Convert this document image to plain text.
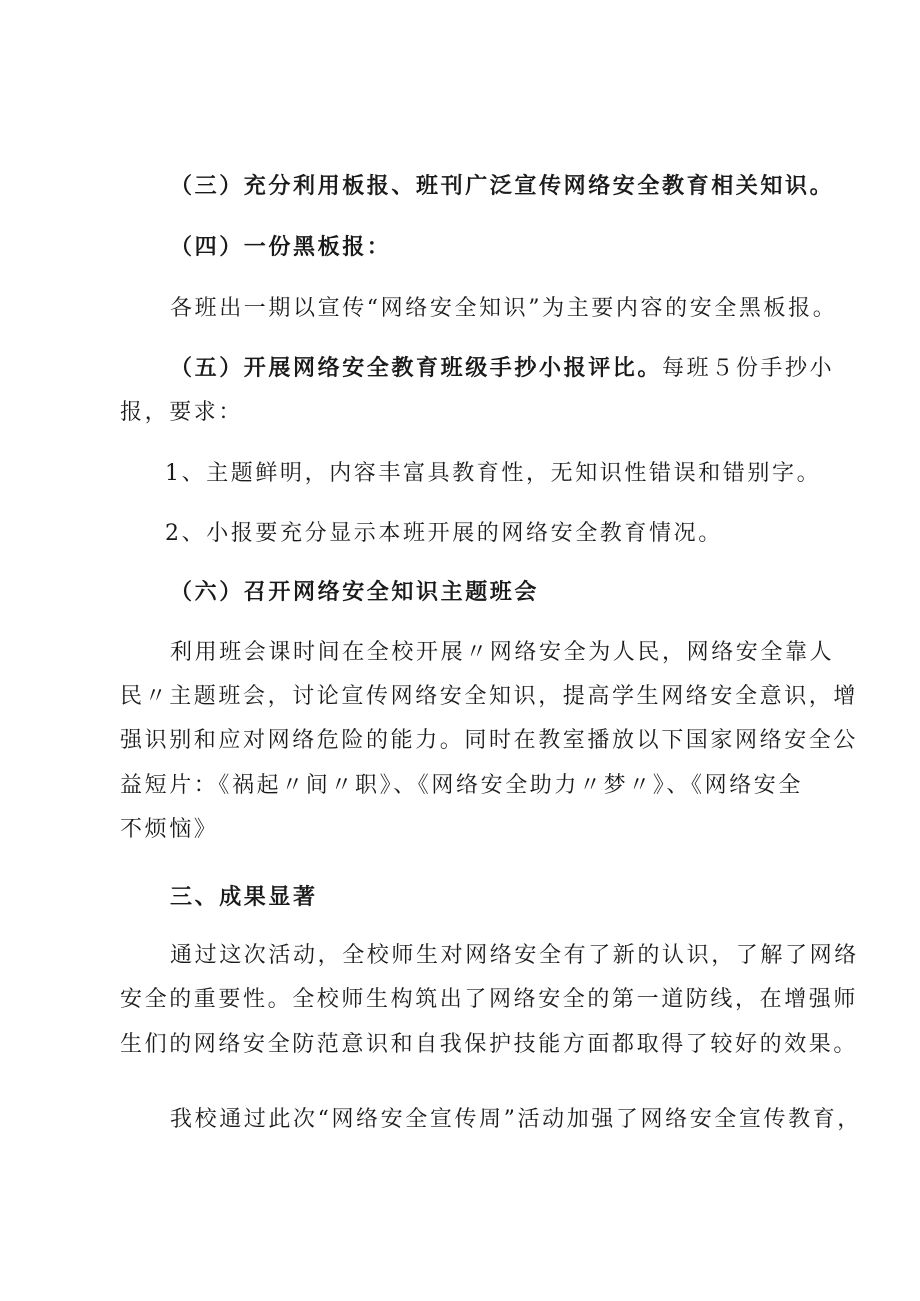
（三）充分利用板报、班刊广泛宣传网络安全教育相关知识。
（四）一份黑板报：
各班出一期以宣传“网络安全知识”为主要内容的安全黑板报。
（五）开展网络安全教育班级手抄小报评比。每班５份手抄小
报，要求：
1、主题鲜明，内容丰富具教育性，无知识性错误和错别字。
2、小报要充分显示本班开展的网络安全教育情况。
（六）召开网络安全知识主题班会
利用班会课时间在全校开展〃网络安全为人民，网络安全靠人
民〃主题班会，讨论宣传网络安全知识，提高学生网络安全意识，增
强识别和应对网络危险的能力。同时在教室播放以下国家网络安全公
益短片：《祸起〃间〃职》、《网络安全助力〃梦〃》、《网络安全
不烦恼》
三、成果显著
通过这次活动，全校师生对网络安全有了新的认识，了解了网络
安全的重要性。全校师生构筑出了网络安全的第一道防线，在增强师
生们的网络安全防范意识和自我保护技能方面都取得了较好的效果。
我校通过此次“网络安全宣传周”活动加强了网络安全宣传教育，
